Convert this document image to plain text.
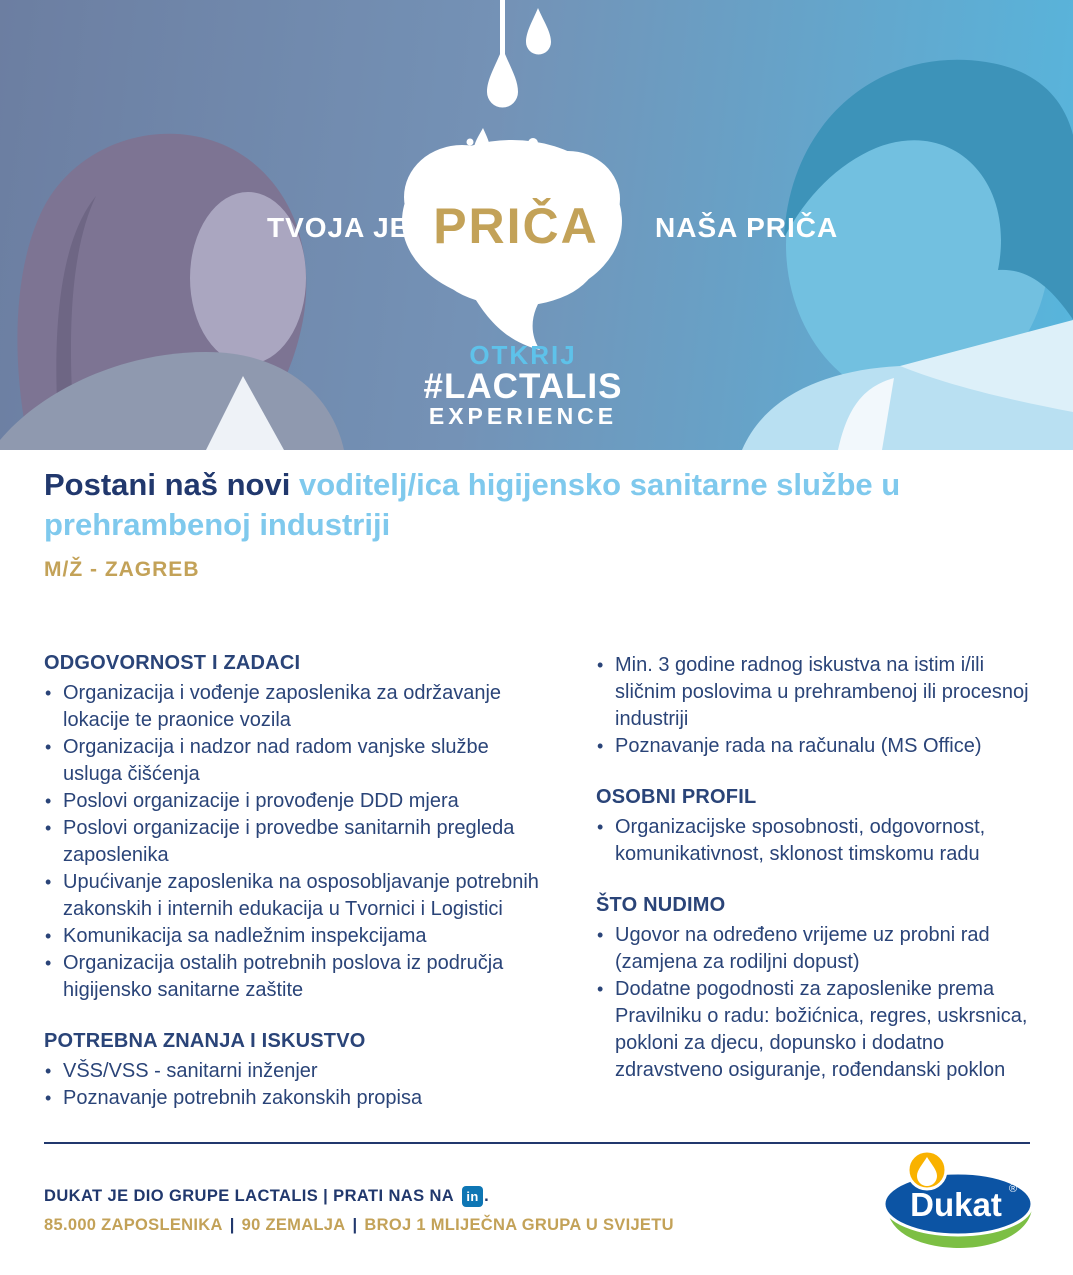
TVOJA JE PRIČA NAŠA PRIČA
OTKRIJ
#LACTALIS
EXPERIENCE
Postani naš novi voditelj/ica higijensko sanitarne službe u prehrambenoj industriji
M/Ž - ZAGREB
ODGOVORNOST I ZADACI
• Organizacija i vođenje zaposlenika za održavanje lokacije te praonice vozila
• Organizacija i nadzor nad radom vanjske službe usluga čišćenja
• Poslovi organizacije i provođenje DDD mjera
• Poslovi organizacije i provedbe sanitarnih pregleda zaposlenika
• Upućivanje zaposlenika na osposobljavanje potrebnih zakonskih i internih edukacija u Tvornici i Logistici
• Komunikacija sa nadležnim inspekcijama
• Organizacija ostalih potrebnih poslova iz područja higijensko sanitarne zaštite
POTREBNA ZNANJA I ISKUSTVO
• VŠS/VSS - sanitarni inženjer
• Poznavanje potrebnih zakonskih propisa
• Min. 3 godine radnog iskustva na istim i/ili sličnim poslovima u prehrambenoj ili procesnoj industriji
• Poznavanje rada na računalu (MS Office)
OSOBNI PROFIL
• Organizacijske sposobnosti, odgovornost, komunikativnost, sklonost timskomu radu
ŠTO NUDIMO
• Ugovor na određeno vrijeme uz probni rad (zamjena za rodiljni dopust)
• Dodatne pogodnosti za zaposlenike prema Pravilniku o radu: božićnica, regres, uskrsnica, pokloni za djecu, dopunsko i dodatno zdravstveno osiguranje, rođendanski poklon
DUKAT JE DIO GRUPE LACTALIS | PRATI NAS NA in .
85.000 ZAPOSLENIKA | 90 ZEMALJA | BROJ 1 MLIJEČNA GRUPA U SVIJETU
Dukat ®
